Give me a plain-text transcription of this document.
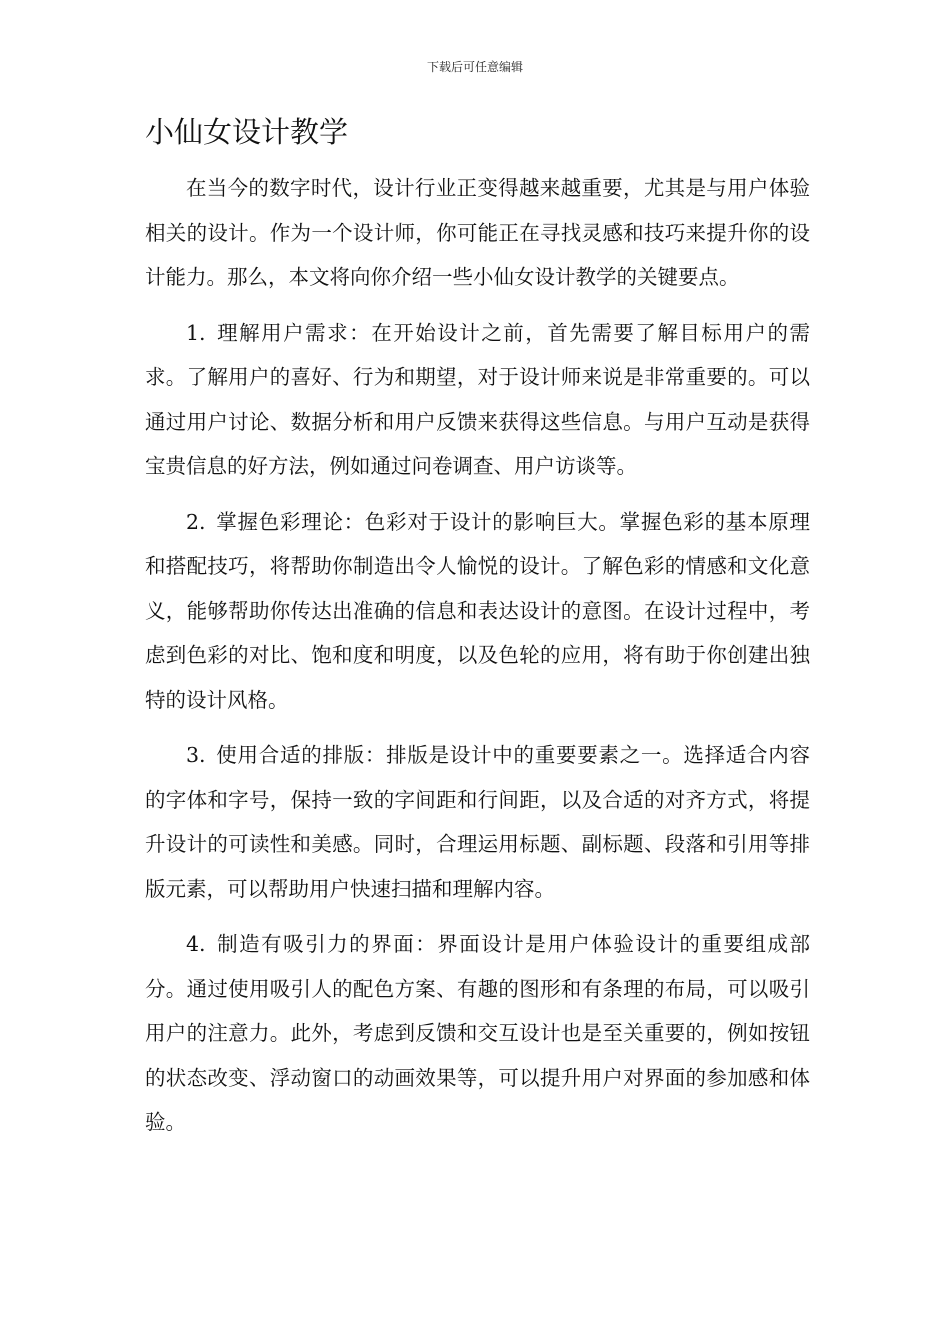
下载后可任意编辑
小仙女设计教学

在当今的数字时代，设计行业正变得越来越重要，尤其是与用户体验相关的设计。作为一个设计师，你可能正在寻找灵感和技巧来提升你的设计能力。那么，本文将向你介绍一些小仙女设计教学的关键要点。

1. 理解用户需求：在开始设计之前，首先需要了解目标用户的需求。了解用户的喜好、行为和期望，对于设计师来说是非常重要的。可以通过用户讨论、数据分析和用户反馈来获得这些信息。与用户互动是获得宝贵信息的好方法，例如通过问卷调查、用户访谈等。

2. 掌握色彩理论：色彩对于设计的影响巨大。掌握色彩的基本原理和搭配技巧，将帮助你制造出令人愉悦的设计。了解色彩的情感和文化意义，能够帮助你传达出准确的信息和表达设计的意图。在设计过程中，考虑到色彩的对比、饱和度和明度，以及色轮的应用，将有助于你创建出独特的设计风格。

3. 使用合适的排版：排版是设计中的重要要素之一。选择适合内容的字体和字号，保持一致的字间距和行间距，以及合适的对齐方式，将提升设计的可读性和美感。同时，合理运用标题、副标题、段落和引用等排版元素，可以帮助用户快速扫描和理解内容。

4. 制造有吸引力的界面：界面设计是用户体验设计的重要组成部分。通过使用吸引人的配色方案、有趣的图形和有条理的布局，可以吸引用户的注意力。此外，考虑到反馈和交互设计也是至关重要的，例如按钮的状态改变、浮动窗口的动画效果等，可以提升用户对界面的参加感和体验。
